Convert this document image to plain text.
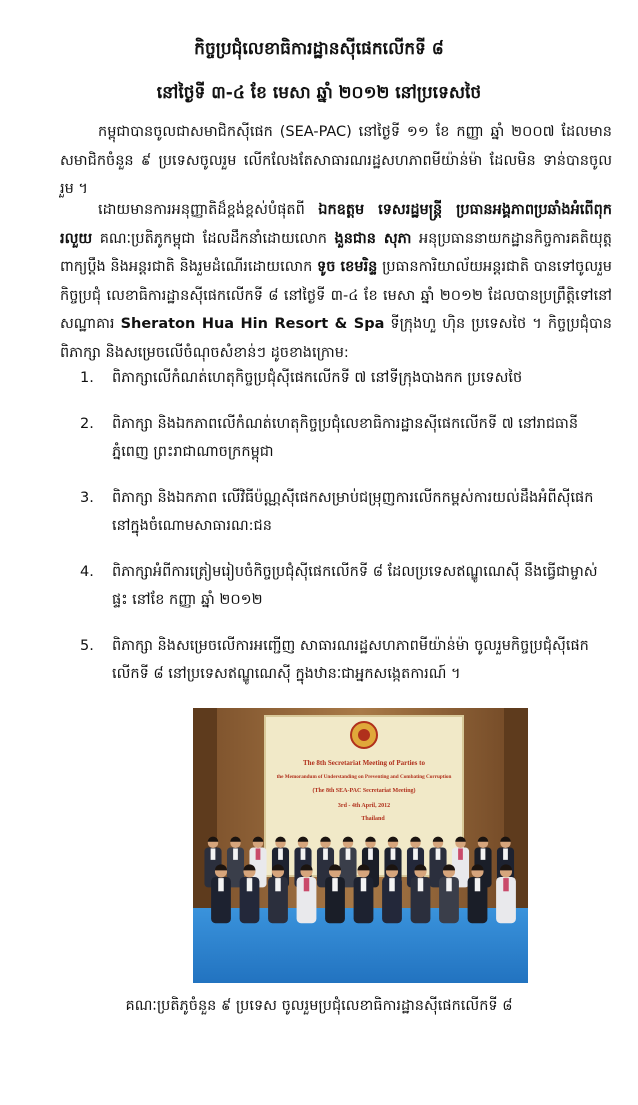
កិច្ចប្រជុំលេខាធិការដ្ឋានស៊ីផេកលើកទី ៨
នៅថ្ងៃទី ៣-៤ ខែ មេសា ឆ្នាំ ២០១២ នៅប្រទេសថៃ
កម្ពុជាបានចូលជាសមាជិកស៊ីផេក (SEA-PAC) នៅថ្ងៃទី ១១ ខែ កញ្ញា ឆ្នាំ ២០០៧ ដែលមានសមាជិកចំនួន ៩ ប្រទេសចូលរួម លើកលែងតែសាធារណរដ្ឋសហភាពមីយ៉ាន់ម៉ា ដែលមិន ទាន់បានចូលរួម ។
ដោយមានការអនុញ្ញាតិដ៏ខ្ពង់ខ្ពស់បំផុតពី ឯកឧត្តម ទេសរដ្ឋមន្ត្រី ប្រធានអង្គភាពប្រឆាំងអំពើពុករលួយ គណៈប្រតិភូកម្ពុជា ដែលដឹកនាំដោយលោក ងួនជាន សុភា អនុប្រធាននាយកដ្ឋានកិច្ចការគតិយុត្ត ពាក្យប្តឹង និងអន្តរជាតិ និងរួមដំណើរដោយលោក ទូច ខេមរិន្ទ ប្រធានការិយាល័យអន្តរជាតិ បានទៅចូលរួមកិច្ចប្រជុំ លេខាធិការដ្ឋានស៊ីផេកលើកទី ៨ នៅថ្ងៃទី ៣-៤ ខែ មេសា ឆ្នាំ ២០១២ ដែលបានប្រព្រឹត្តិទៅនៅសណ្ឋាគារ Sheraton Hua Hin Resort & Spa ទីក្រុងហួ ហ៊ិន ប្រទេសថៃ ។ កិច្ចប្រជុំបានពិភាក្សា និងសម្រេចលើចំណុចសំខាន់ៗ ដូចខាងក្រោម:
1.	ពិភាក្សាលើកំណត់ហេតុកិច្ចប្រជុំស៊ីផេកលើកទី ៧ នៅទីក្រុងបាងកក ប្រទេសថៃ
2.	ពិភាក្សា និងឯកភាពលើកំណត់ហេតុកិច្ចប្រជុំលេខាធិការដ្ឋានស៊ីផេកលើកទី ៧ នៅរាជធានីភ្នំពេញ ព្រះរាជាណាចក្រកម្ពុជា
3.	ពិភាក្សា និងឯកភាព លើវិធីប៉ណ្ណស៊ីផេកសម្រាប់ជម្រុញការលើកកម្ពស់ការយល់ដឹងអំពីស៊ីផេក នៅក្នុងចំណោមសាធារណ:ជន
4.	ពិភាក្សាអំពីការត្រៀមរៀបចំកិច្ចប្រជុំស៊ីផេកលើកទី ៨ ដែលប្រទេសឥណ្ឌូណេស៊ី នឹងធ្វើជាម្ចាស់ផ្ទះ នៅខែ កញ្ញា ឆ្នាំ ២០១២
5.	ពិភាក្សា និងសម្រេចលើការអញ្ជើញ សាធារណរដ្ឋសហភាពមីយ៉ាន់ម៉ា ចូលរួមកិច្ចប្រជុំស៊ីផេកលើកទី ៨ នៅប្រទេសឥណ្ឌូណេស៊ី ក្នុងឋានៈជាអ្នកសង្កេតការណ៍ ។
The 8th Secretariat Meeting of Parties to
the Memorandum of Understanding on Preventing and Combating Corruption
(The 8th SEA-PAC Secretariat Meeting)
3rd - 4th April, 2012
Thailand
គណៈប្រតិភូចំនួន ៩ ប្រទេស ចូលរួមប្រជុំលេខាធិការដ្ឋានស៊ីផេកលើកទី ៨
